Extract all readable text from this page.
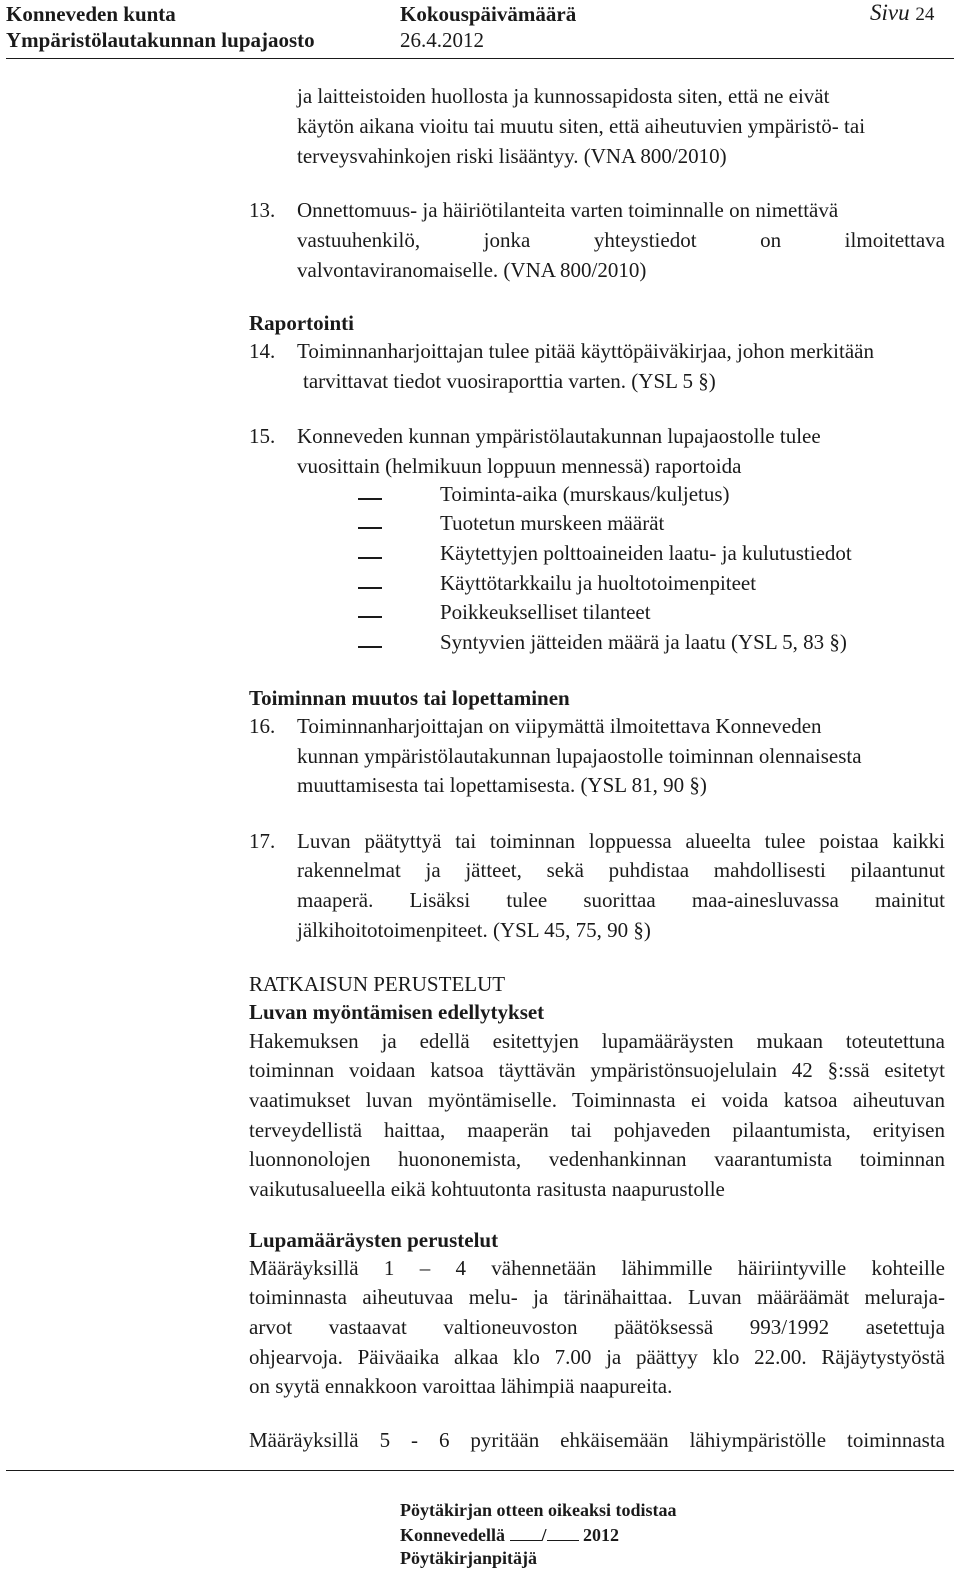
Konneveden kunta
Ympäristölautakunnan lupajaosto
Kokouspäivämäärä
26.4.2012
Sivu 24
ja laitteistoiden huollosta ja kunnossapidosta siten, että ne eivät
käytön aikana vioitu tai muutu siten, että aiheutuvien ympäristö- tai
terveysvahinkojen riski lisääntyy. (VNA 800/2010)
13. Onnettomuus- ja häiriötilanteita varten toiminnalle on nimettävä
vastuuhenkilö, jonka yhteystiedot on ilmoitettava
valvontaviranomaiselle. (VNA 800/2010)
Raportointi
14. Toiminnanharjoittajan tulee pitää käyttöpäiväkirjaa, johon merkitään
tarvittavat tiedot vuosiraporttia varten. (YSL 5 §)
15. Konneveden kunnan ympäristölautakunnan lupajaostolle tulee
vuosittain (helmikuun loppuun mennessä) raportoida
Toiminta-aika (murskaus/kuljetus)
Tuotetun murskeen määrät
Käytettyjen polttoaineiden laatu- ja kulutustiedot
Käyttötarkkailu ja huoltotoimenpiteet
Poikkeukselliset tilanteet
Syntyvien jätteiden määrä ja laatu (YSL 5, 83 §)
Toiminnan muutos tai lopettaminen
16. Toiminnanharjoittajan on viipymättä ilmoitettava Konneveden
kunnan ympäristölautakunnan lupajaostolle toiminnan olennaisesta
muuttamisesta tai lopettamisesta. (YSL 81, 90 §)
17. Luvan päätyttyä tai toiminnan loppuessa alueelta tulee poistaa kaikki
rakennelmat ja jätteet, sekä puhdistaa mahdollisesti pilaantunut
maaperä. Lisäksi tulee suorittaa maa-ainesluvassa mainitut
jälkihoitotoimenpiteet. (YSL 45, 75, 90 §)
RATKAISUN PERUSTELUT
Luvan myöntämisen edellytykset
Hakemuksen ja edellä esitettyjen lupamääräysten mukaan toteutettuna
toiminnan voidaan katsoa täyttävän ympäristönsuojelulain 42 §:ssä esitetyt
vaatimukset luvan myöntämiselle. Toiminnasta ei voida katsoa aiheutuvan
terveydellistä haittaa, maaperän tai pohjaveden pilaantumista, erityisen
luonnonolojen huononemista, vedenhankinnan vaarantumista toiminnan
vaikutusalueella eikä kohtuutonta rasitusta naapurustolle
Lupamääräysten perustelut
Määräyksillä 1 – 4 vähennetään lähimmille häiriintyville kohteille
toiminnasta aiheutuvaa melu- ja tärinähaittaa. Luvan määräämät meluraja-
arvot vastaavat valtioneuvoston päätöksessä 993/1992 asetettuja
ohjearvoja. Päiväaika alkaa klo 7.00 ja päättyy klo 22.00. Räjäytystyöstä
on syytä ennakkoon varoittaa lähimpiä naapureita.
Määräyksillä 5 - 6 pyritään ehkäisemään lähiympäristölle toiminnasta
Pöytäkirjan otteen oikeaksi todistaa
Konnevedellä / 2012
Pöytäkirjanpitäjä
